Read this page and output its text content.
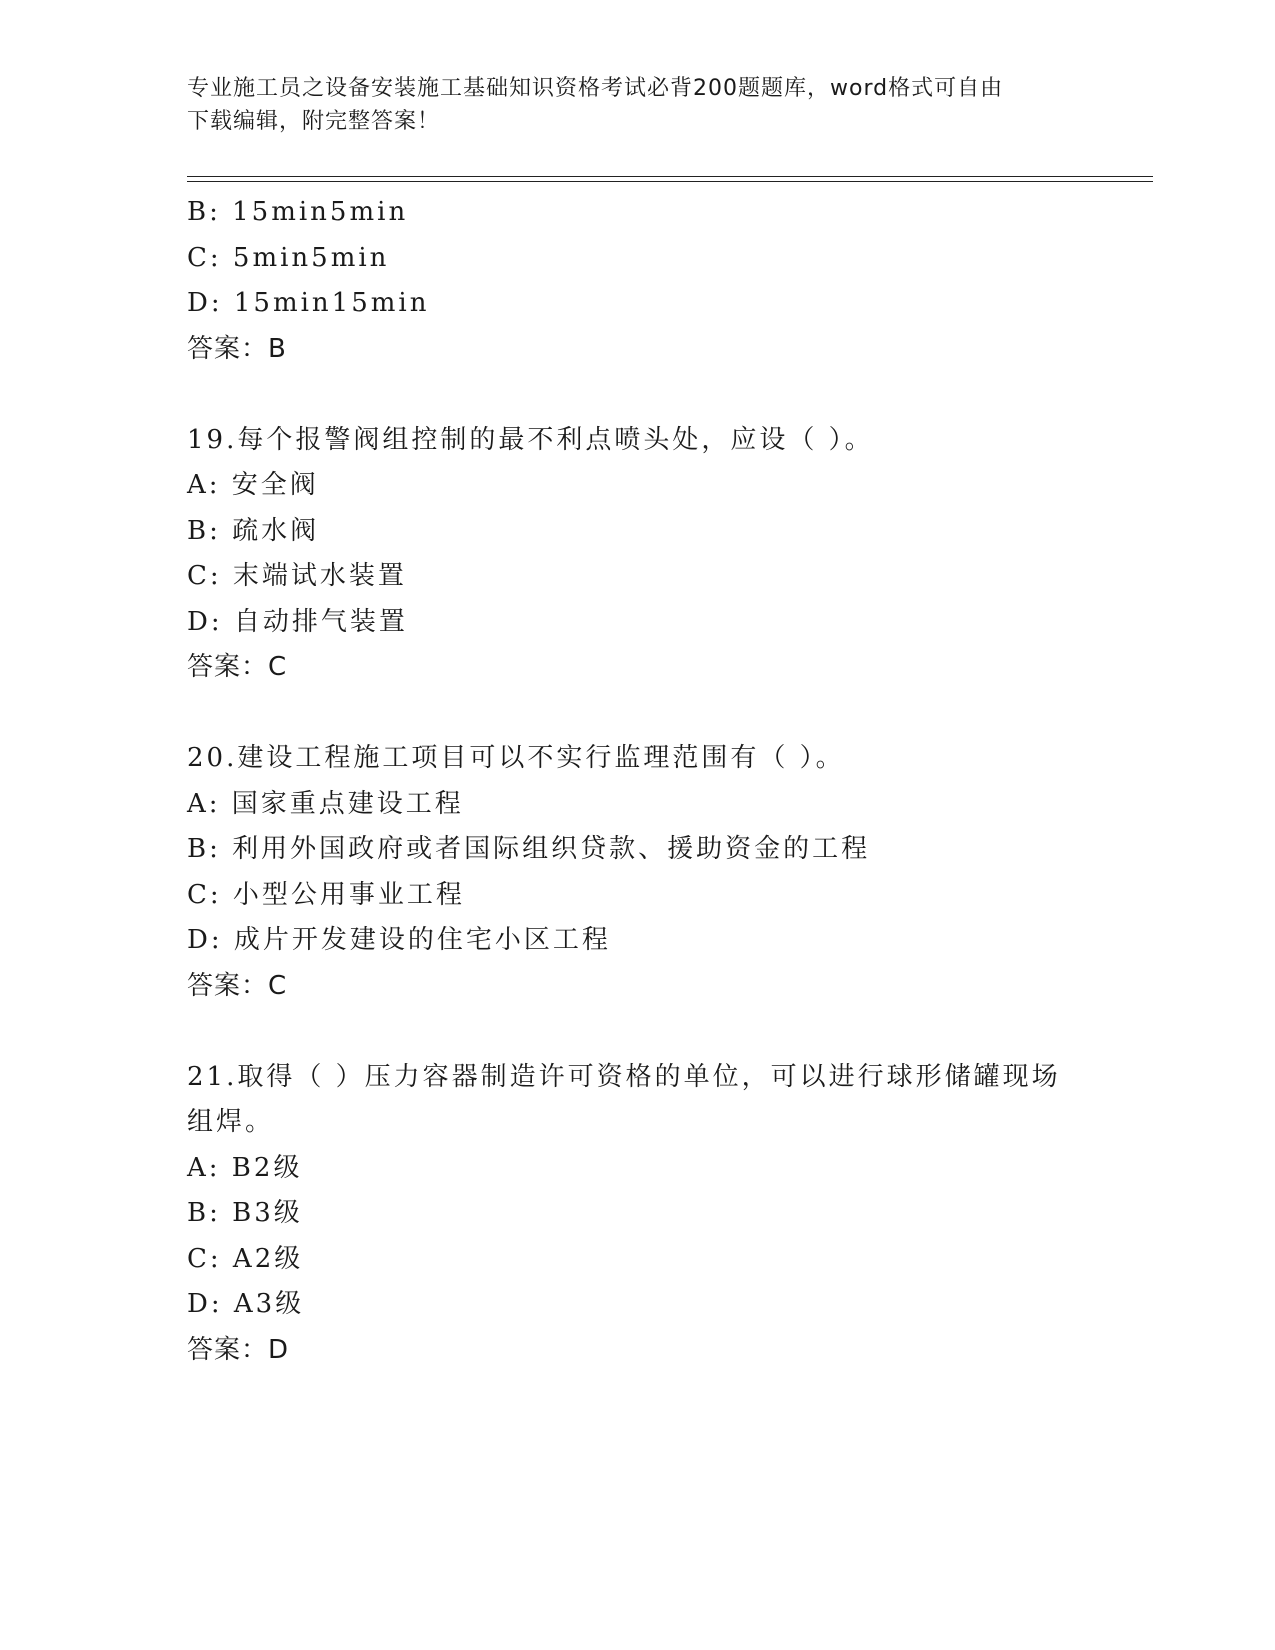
专业施工员之设备安装施工基础知识资格考试必背200题题库，word格式可自由
下载编辑，附完整答案！
B: 15min5min
C: 5min5min
D: 15min15min
答案：B
19.每个报警阀组控制的最不利点喷头处，应设（ ）。
A: 安全阀
B: 疏水阀
C: 末端试水装置
D: 自动排气装置
答案：C
20.建设工程施工项目可以不实行监理范围有（ ）。
A: 国家重点建设工程
B: 利用外国政府或者国际组织贷款、援助资金的工程
C: 小型公用事业工程
D: 成片开发建设的住宅小区工程
答案：C
21.取得（ ）压力容器制造许可资格的单位，可以进行球形储罐现场
组焊。
A: B2级
B: B3级
C: A2级
D: A3级
答案：D
